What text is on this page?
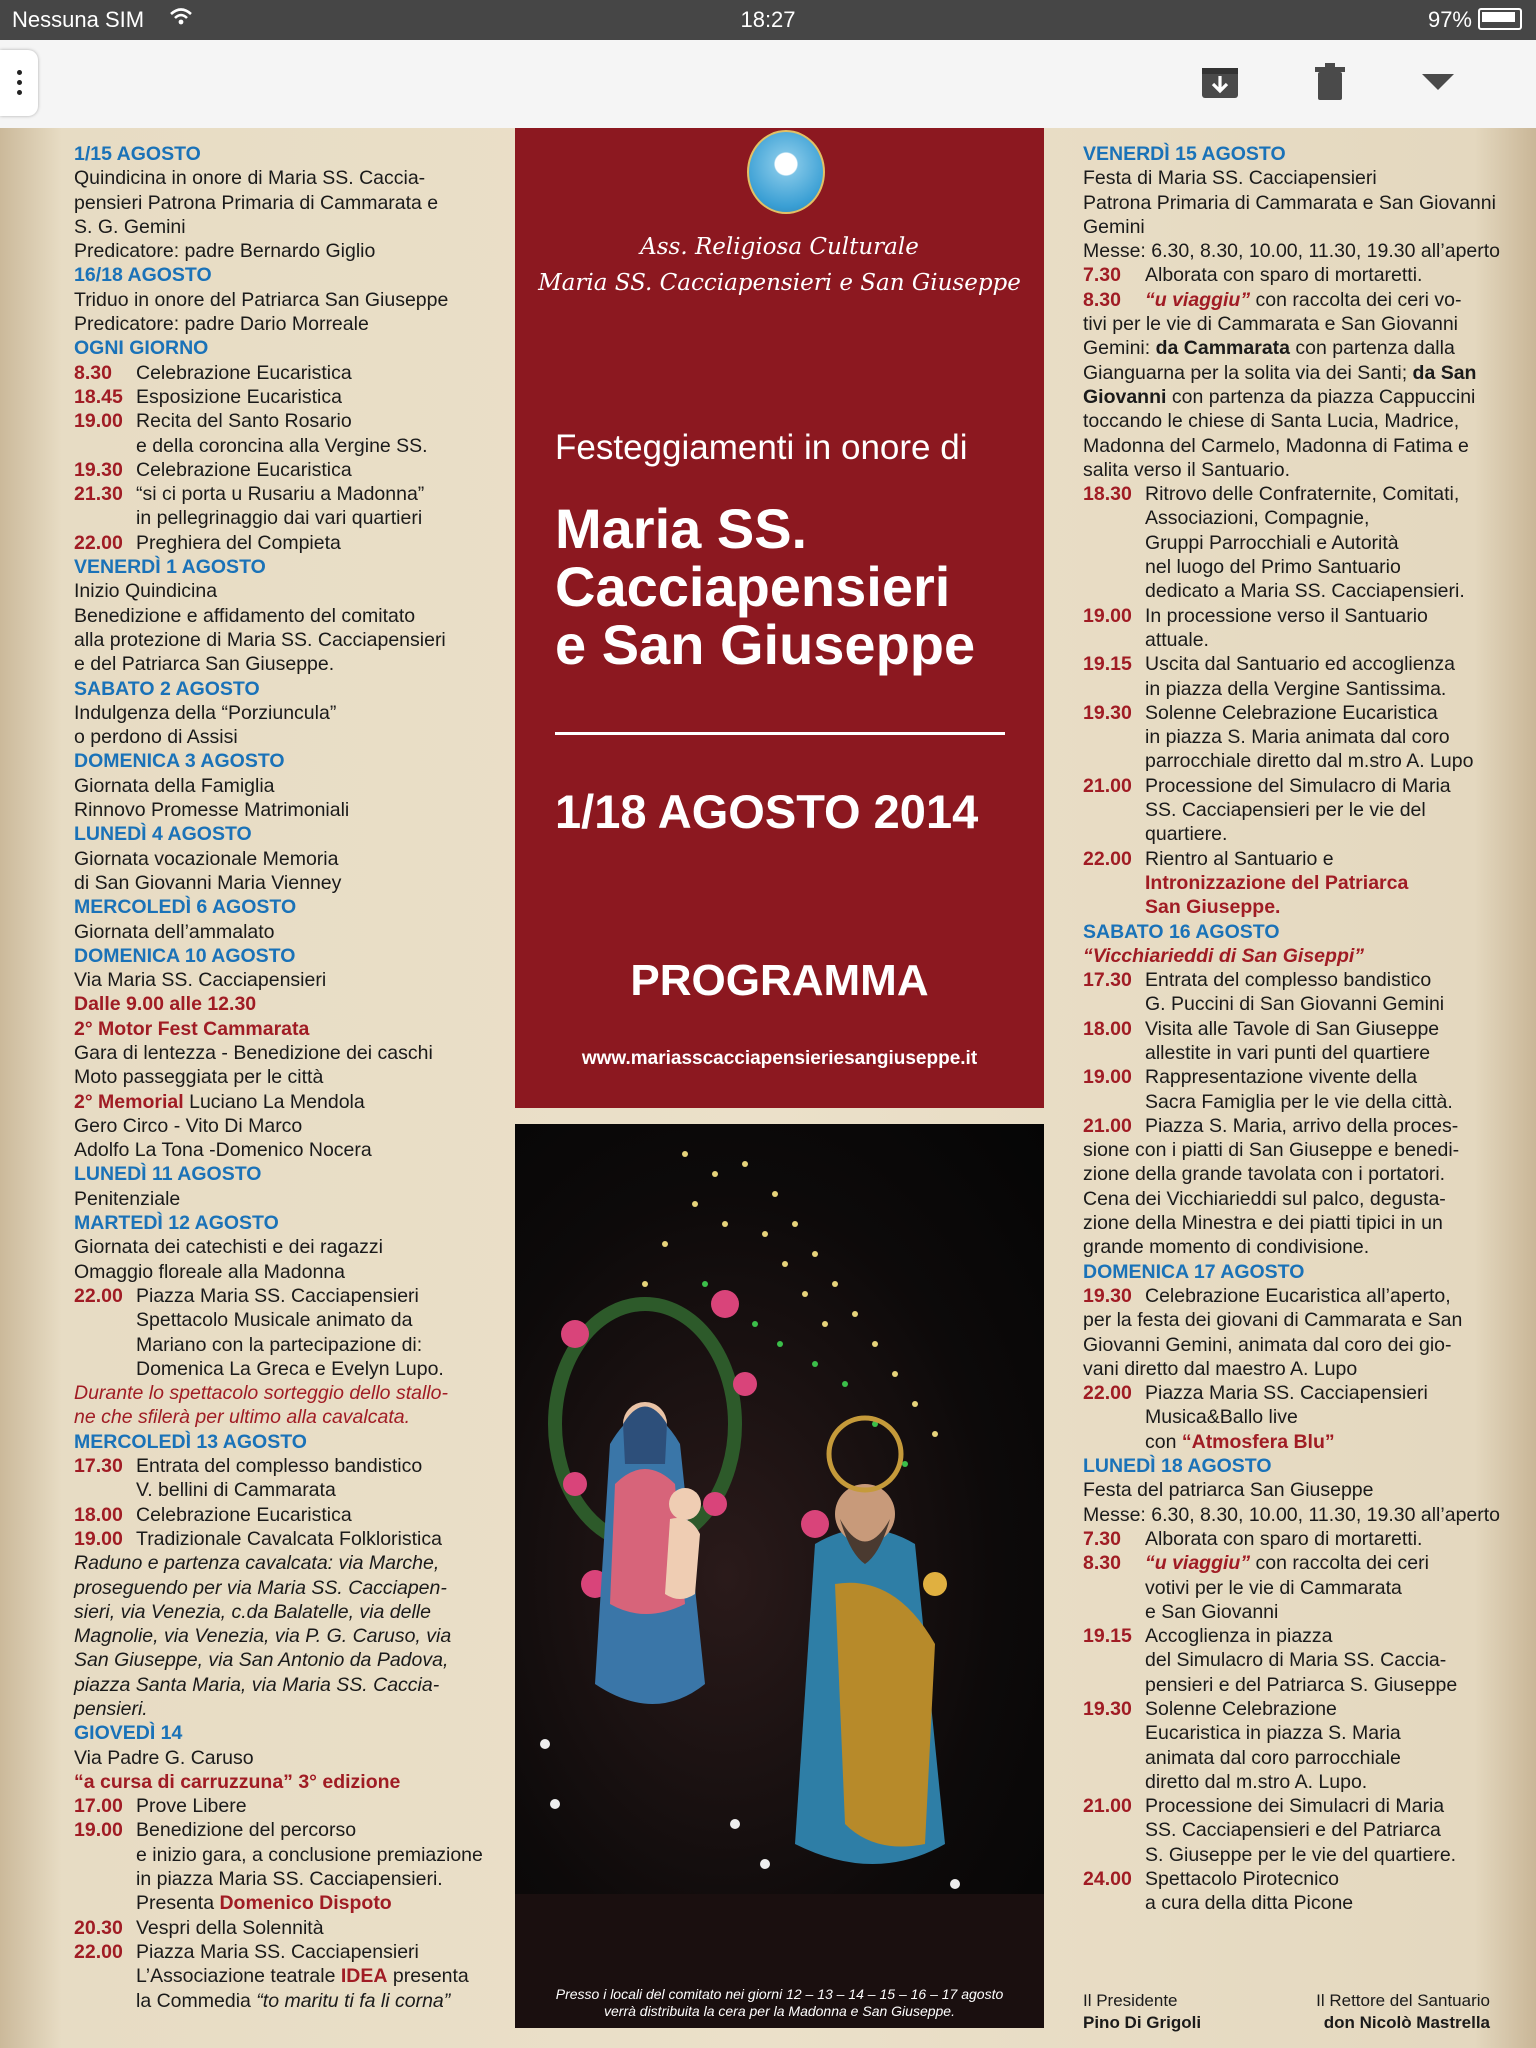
Nessuna SIM	18:27	97%
1/15 AGOSTO
Quindicina in onore di Maria SS. Caccia-
pensieri Patrona Primaria di Cammarata e
S. G. Gemini
Predicatore: padre Bernardo Giglio
16/18 AGOSTO
Triduo in onore del Patriarca San Giuseppe
Predicatore: padre Dario Morreale
OGNI GIORNO
8.30 Celebrazione Eucaristica
18.45 Esposizione Eucaristica
19.00 Recita del Santo Rosario
e della coroncina alla Vergine SS.
19.30 Celebrazione Eucaristica
21.30 “si ci porta u Rusariu a Madonna”
in pellegrinaggio dai vari quartieri
22.00 Preghiera del Compieta
VENERDÌ 1 AGOSTO
Inizio Quindicina
Benedizione e affidamento del comitato
alla protezione di Maria SS. Cacciapensieri
e del Patriarca San Giuseppe.
SABATO 2 AGOSTO
Indulgenza della “Porziuncula”
o perdono di Assisi
DOMENICA 3 AGOSTO
Giornata della Famiglia
Rinnovo Promesse Matrimoniali
LUNEDÌ 4 AGOSTO
Giornata vocazionale Memoria
di San Giovanni Maria Vienney
MERCOLEDÌ 6 AGOSTO
Giornata dell’ammalato
DOMENICA 10 AGOSTO
Via Maria SS. Cacciapensieri
Dalle 9.00 alle 12.30
2° Motor Fest Cammarata
Gara di lentezza - Benedizione dei caschi
Moto passeggiata per le città
2° Memorial Luciano La Mendola
Gero Circo - Vito Di Marco
Adolfo La Tona -Domenico Nocera
LUNEDÌ 11 AGOSTO
Penitenziale
MARTEDÌ 12 AGOSTO
Giornata dei catechisti e dei ragazzi
Omaggio floreale alla Madonna
22.00 Piazza Maria SS. Cacciapensieri
Spettacolo Musicale animato da
Mariano con la partecipazione di:
Domenica La Greca e Evelyn Lupo.
Durante lo spettacolo sorteggio dello stallo-
ne che sfilerà per ultimo alla cavalcata.
MERCOLEDÌ 13 AGOSTO
17.30 Entrata del complesso bandistico
V. bellini di Cammarata
18.00 Celebrazione Eucaristica
19.00 Tradizionale Cavalcata Folkloristica
Raduno e partenza cavalcata: via Marche,
proseguendo per via Maria SS. Cacciapen-
sieri, via Venezia, c.da Balatelle, via delle
Magnolie, via Venezia, via P. G. Caruso, via
San Giuseppe, via San Antonio da Padova,
piazza Santa Maria, via Maria SS. Caccia-
pensieri.
GIOVEDÌ 14
Via Padre G. Caruso
“a cursa di carruzzuna” 3° edizione
17.00 Prove Libere
19.00 Benedizione del percorso
e inizio gara, a conclusione premiazione
in piazza Maria SS. Cacciapensieri.
Presenta Domenico Dispoto
20.30 Vespri della Solennità
22.00 Piazza Maria SS. Cacciapensieri
L’Associazione teatrale IDEA presenta
la Commedia “to maritu ti fa li corna”
Ass. Religiosa Culturale
Maria SS. Cacciapensieri e San Giuseppe
Festeggiamenti in onore di
Maria SS.
Cacciapensieri
e San Giuseppe
1/18 AGOSTO 2014
PROGRAMMA
www.mariasscacciapensieriesangiuseppe.it
Presso i locali del comitato nei giorni 12 – 13 – 14 – 15 – 16 – 17 agosto
verrà distribuita la cera per la Madonna e San Giuseppe.
VENERDÌ 15 AGOSTO
Festa di Maria SS. Cacciapensieri
Patrona Primaria di Cammarata e San Giovanni
Gemini
Messe: 6.30, 8.30, 10.00, 11.30, 19.30 all’aperto
7.30 Alborata con sparo di mortaretti.
8.30 “u viaggiu” con raccolta dei ceri vo-
tivi per le vie di Cammarata e San Giovanni
Gemini: da Cammarata con partenza dalla
Gianguarna per la solita via dei Santi; da San
Giovanni con partenza da piazza Cappuccini
toccando le chiese di Santa Lucia, Madrice,
Madonna del Carmelo, Madonna di Fatima e
salita verso il Santuario.
18.30 Ritrovo delle Confraternite, Comitati,
Associazioni, Compagnie,
Gruppi Parrocchiali e Autorità
nel luogo del Primo Santuario
dedicato a Maria SS. Cacciapensieri.
19.00 In processione verso il Santuario
attuale.
19.15 Uscita dal Santuario ed accoglienza
in piazza della Vergine Santissima.
19.30 Solenne Celebrazione Eucaristica
in piazza S. Maria animata dal coro
parrocchiale diretto dal m.stro A. Lupo
21.00 Processione del Simulacro di Maria
SS. Cacciapensieri per le vie del
quartiere.
22.00 Rientro al Santuario e
Intronizzazione del Patriarca
San Giuseppe.
SABATO 16 AGOSTO
“Vicchiarieddi di San Giseppi”
17.30 Entrata del complesso bandistico
G. Puccini di San Giovanni Gemini
18.00 Visita alle Tavole di San Giuseppe
allestite in vari punti del quartiere
19.00 Rappresentazione vivente della
Sacra Famiglia per le vie della città.
21.00 Piazza S. Maria, arrivo della proces-
sione con i piatti di San Giuseppe e benedi-
zione della grande tavolata con i portatori.
Cena dei Vicchiarieddi sul palco, degusta-
zione della Minestra e dei piatti tipici in un
grande momento di condivisione.
DOMENICA 17 AGOSTO
19.30 Celebrazione Eucaristica all’aperto,
per la festa dei giovani di Cammarata e San
Giovanni Gemini, animata dal coro dei gio-
vani diretto dal maestro A. Lupo
22.00 Piazza Maria SS. Cacciapensieri
Musica&Ballo live
con “Atmosfera Blu”
LUNEDÌ 18 AGOSTO
Festa del patriarca San Giuseppe
Messe: 6.30, 8.30, 10.00, 11.30, 19.30 all’aperto
7.30 Alborata con sparo di mortaretti.
8.30 “u viaggiu” con raccolta dei ceri
votivi per le vie di Cammarata
e San Giovanni
19.15 Accoglienza in piazza
del Simulacro di Maria SS. Caccia-
pensieri e del Patriarca S. Giuseppe
19.30 Solenne Celebrazione
Eucaristica in piazza S. Maria
animata dal coro parrocchiale
diretto dal m.stro A. Lupo.
21.00 Processione dei Simulacri di Maria
SS. Cacciapensieri e del Patriarca
S. Giuseppe per le vie del quartiere.
24.00 Spettacolo Pirotecnico
a cura della ditta Picone
Il Presidente
Pino Di Grigoli
Il Rettore del Santuario
don Nicolò Mastrella
